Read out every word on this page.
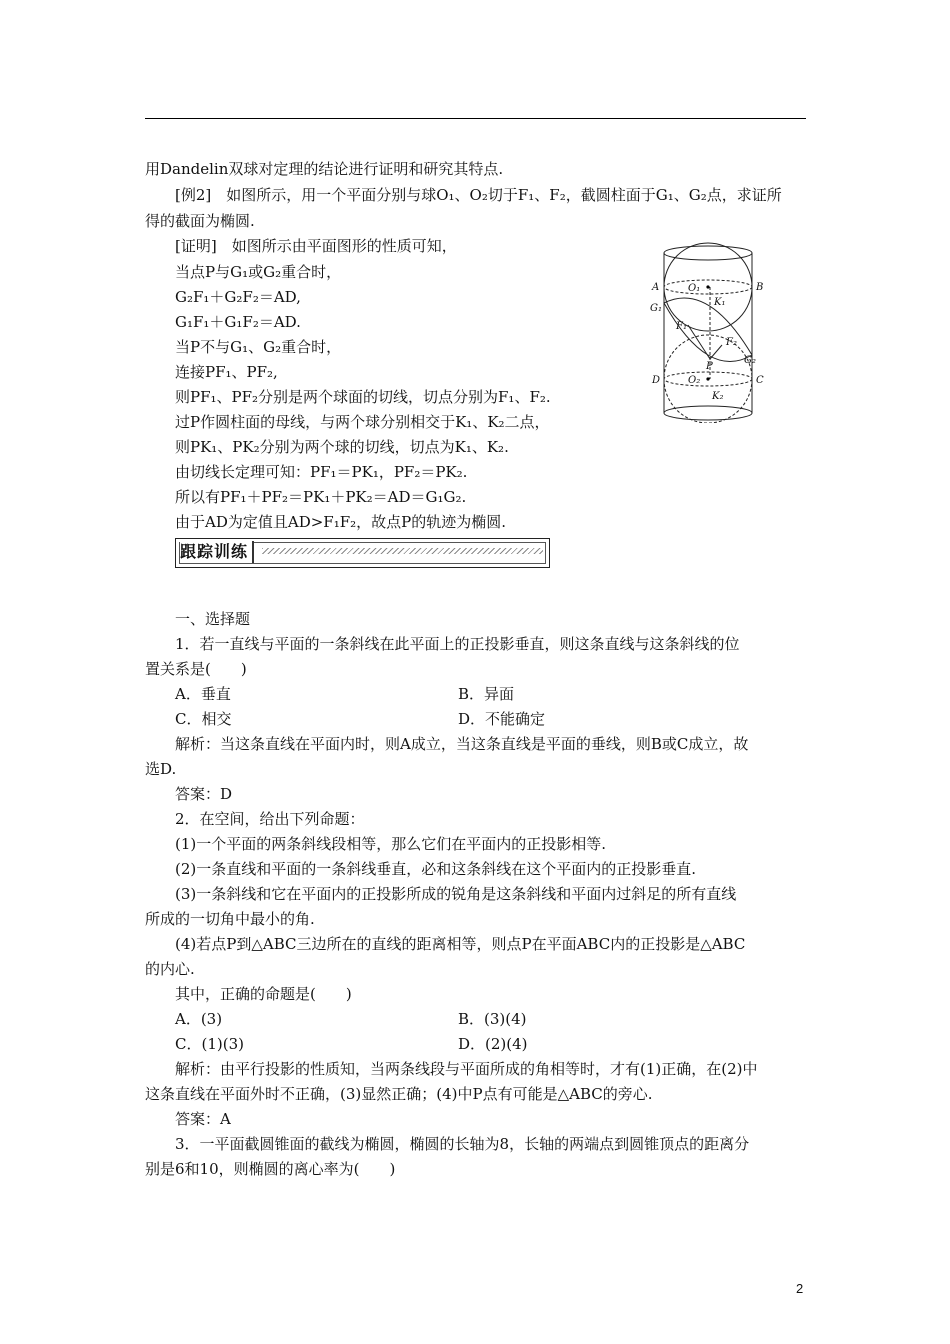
用Dandelin双球对定理的结论进行证明和研究其特点.
[例2]　如图所示，用一个平面分别与球O₁、O₂切于F₁、F₂，截圆柱面于G₁、G₂点，求证所
得的截面为椭圆.
[证明]　如图所示由平面图形的性质可知，
当点P与G₁或G₂重合时，
G₂F₁＋G₂F₂＝AD,
G₁F₁＋G₁F₂＝AD.
当P不与G₁、G₂重合时，
连接PF₁、PF₂,
则PF₁、PF₂分别是两个球面的切线，切点分别为F₁、F₂.
过P作圆柱面的母线，与两个球分别相交于K₁、K₂二点，
则PK₁、PK₂分别为两个球的切线，切点为K₁、K₂.
由切线长定理可知：PF₁＝PK₁，PF₂＝PK₂.
所以有PF₁＋PF₂＝PK₁＋PK₂＝AD＝G₁G₂.
由于AD为定值且AD>F₁F₂，故点P的轨迹为椭圆.
A	B
G₁
O₁
K₁
F₁
F₂
P
G₂
D	O₂	C
K₂
跟踪训练
一、选择题
1．若一直线与平面的一条斜线在此平面上的正投影垂直，则这条直线与这条斜线的位
置关系是(　　)
A．垂直	B．异面
C．相交	D．不能确定
解析：当这条直线在平面内时，则A成立，当这条直线是平面的垂线，则B或C成立，故
选D.
答案：D
2．在空间，给出下列命题：
(1)一个平面的两条斜线段相等，那么它们在平面内的正投影相等.
(2)一条直线和平面的一条斜线垂直，必和这条斜线在这个平面内的正投影垂直.
(3)一条斜线和它在平面内的正投影所成的锐角是这条斜线和平面内过斜足的所有直线
所成的一切角中最小的角.
(4)若点P到△ABC三边所在的直线的距离相等，则点P在平面ABC内的正投影是△ABC
的内心.
其中，正确的命题是(　　)
A．(3)	B．(3)(4)
C．(1)(3)	D．(2)(4)
解析：由平行投影的性质知，当两条线段与平面所成的角相等时，才有(1)正确，在(2)中
这条直线在平面外时不正确，(3)显然正确；(4)中P点有可能是△ABC的旁心.
答案：A
3．一平面截圆锥面的截线为椭圆，椭圆的长轴为8，长轴的两端点到圆锥顶点的距离分
别是6和10，则椭圆的离心率为(　　)
2
